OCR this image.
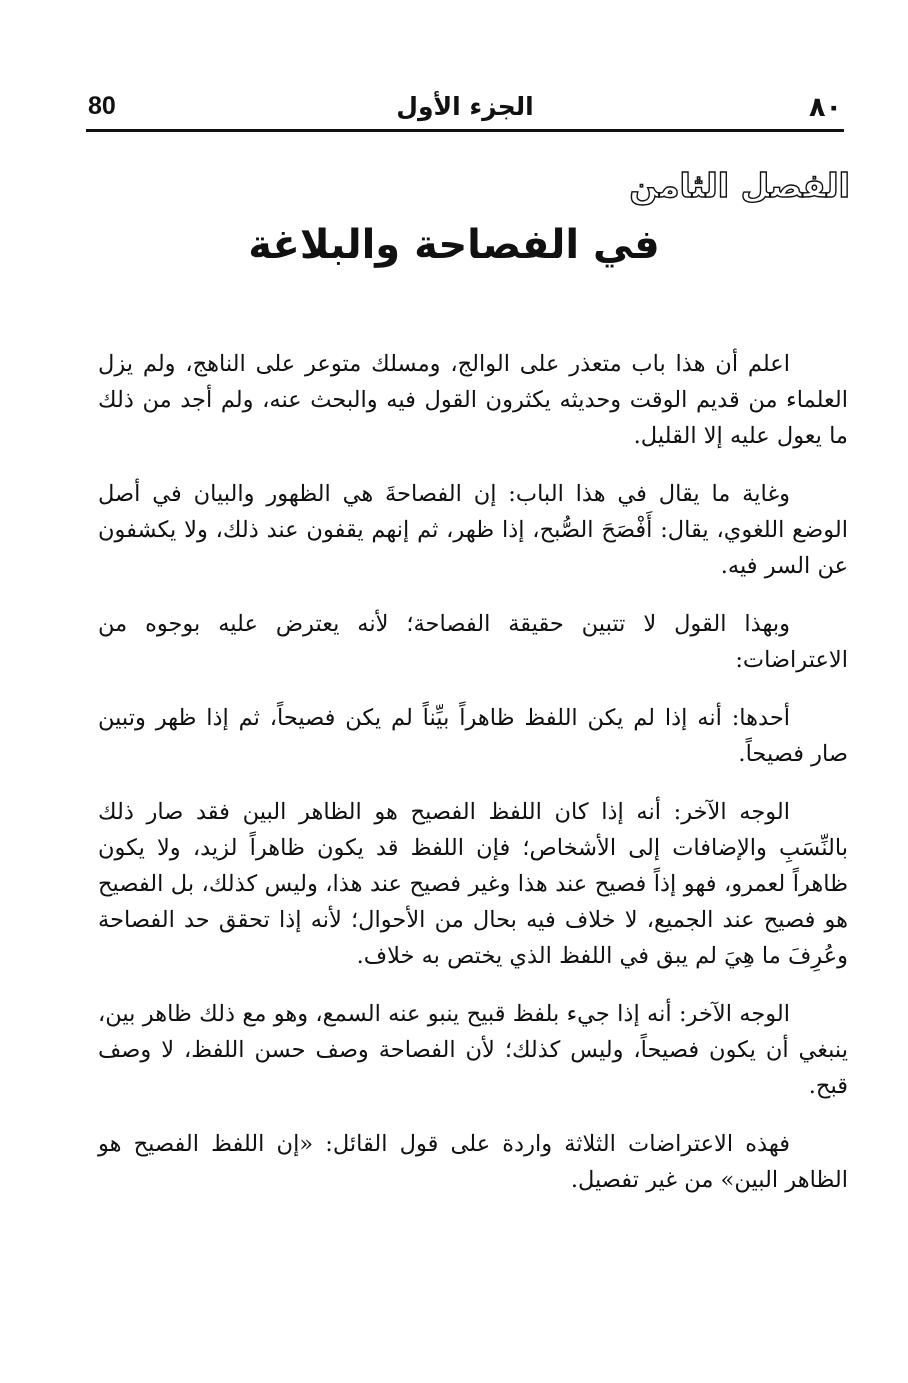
٨٠
الجزء الأول
80
الفصل الثامن
في الفصاحة والبلاغة

اعلم أن هذا باب متعذر على الوالج، ومسلك متوعر على الناهج، ولم يزل العلماء من قديم الوقت وحديثه يكثرون القول فيه والبحث عنه، ولم أجد من ذلك ما يعول عليه إلا القليل.

وغاية ما يقال في هذا الباب: إن الفصاحةَ هي الظهور والبيان في أصل الوضع اللغوي، يقال: أَفْصَحَ الصُّبح، إذا ظهر، ثم إنهم يقفون عند ذلك، ولا يكشفون عن السر فيه.

وبهذا القول لا تتبين حقيقة الفصاحة؛ لأنه يعترض عليه بوجوه من الاعتراضات:

أحدها: أنه إذا لم يكن اللفظ ظاهراً بيِّناً لم يكن فصيحاً، ثم إذا ظهر وتبين صار فصيحاً.

الوجه الآخر: أنه إذا كان اللفظ الفصيح هو الظاهر البين فقد صار ذلك بالنِّسَبِ والإضافات إلى الأشخاص؛ فإن اللفظ قد يكون ظاهراً لزيد، ولا يكون ظاهراً لعمرو، فهو إذاً فصيح عند هذا وغير فصيح عند هذا، وليس كذلك، بل الفصيح هو فصيح عند الجميع، لا خلاف فيه بحال من الأحوال؛ لأنه إذا تحقق حد الفصاحة وعُرِفَ ما هِيَ لم يبق في اللفظ الذي يختص به خلاف.

الوجه الآخر: أنه إذا جيء بلفظ قبيح ينبو عنه السمع، وهو مع ذلك ظاهر بين، ينبغي أن يكون فصيحاً، وليس كذلك؛ لأن الفصاحة وصف حسن اللفظ، لا وصف قبح.

فهذه الاعتراضات الثلاثة واردة على قول القائل: «إن اللفظ الفصيح هو الظاهر البين» من غير تفصيل.
